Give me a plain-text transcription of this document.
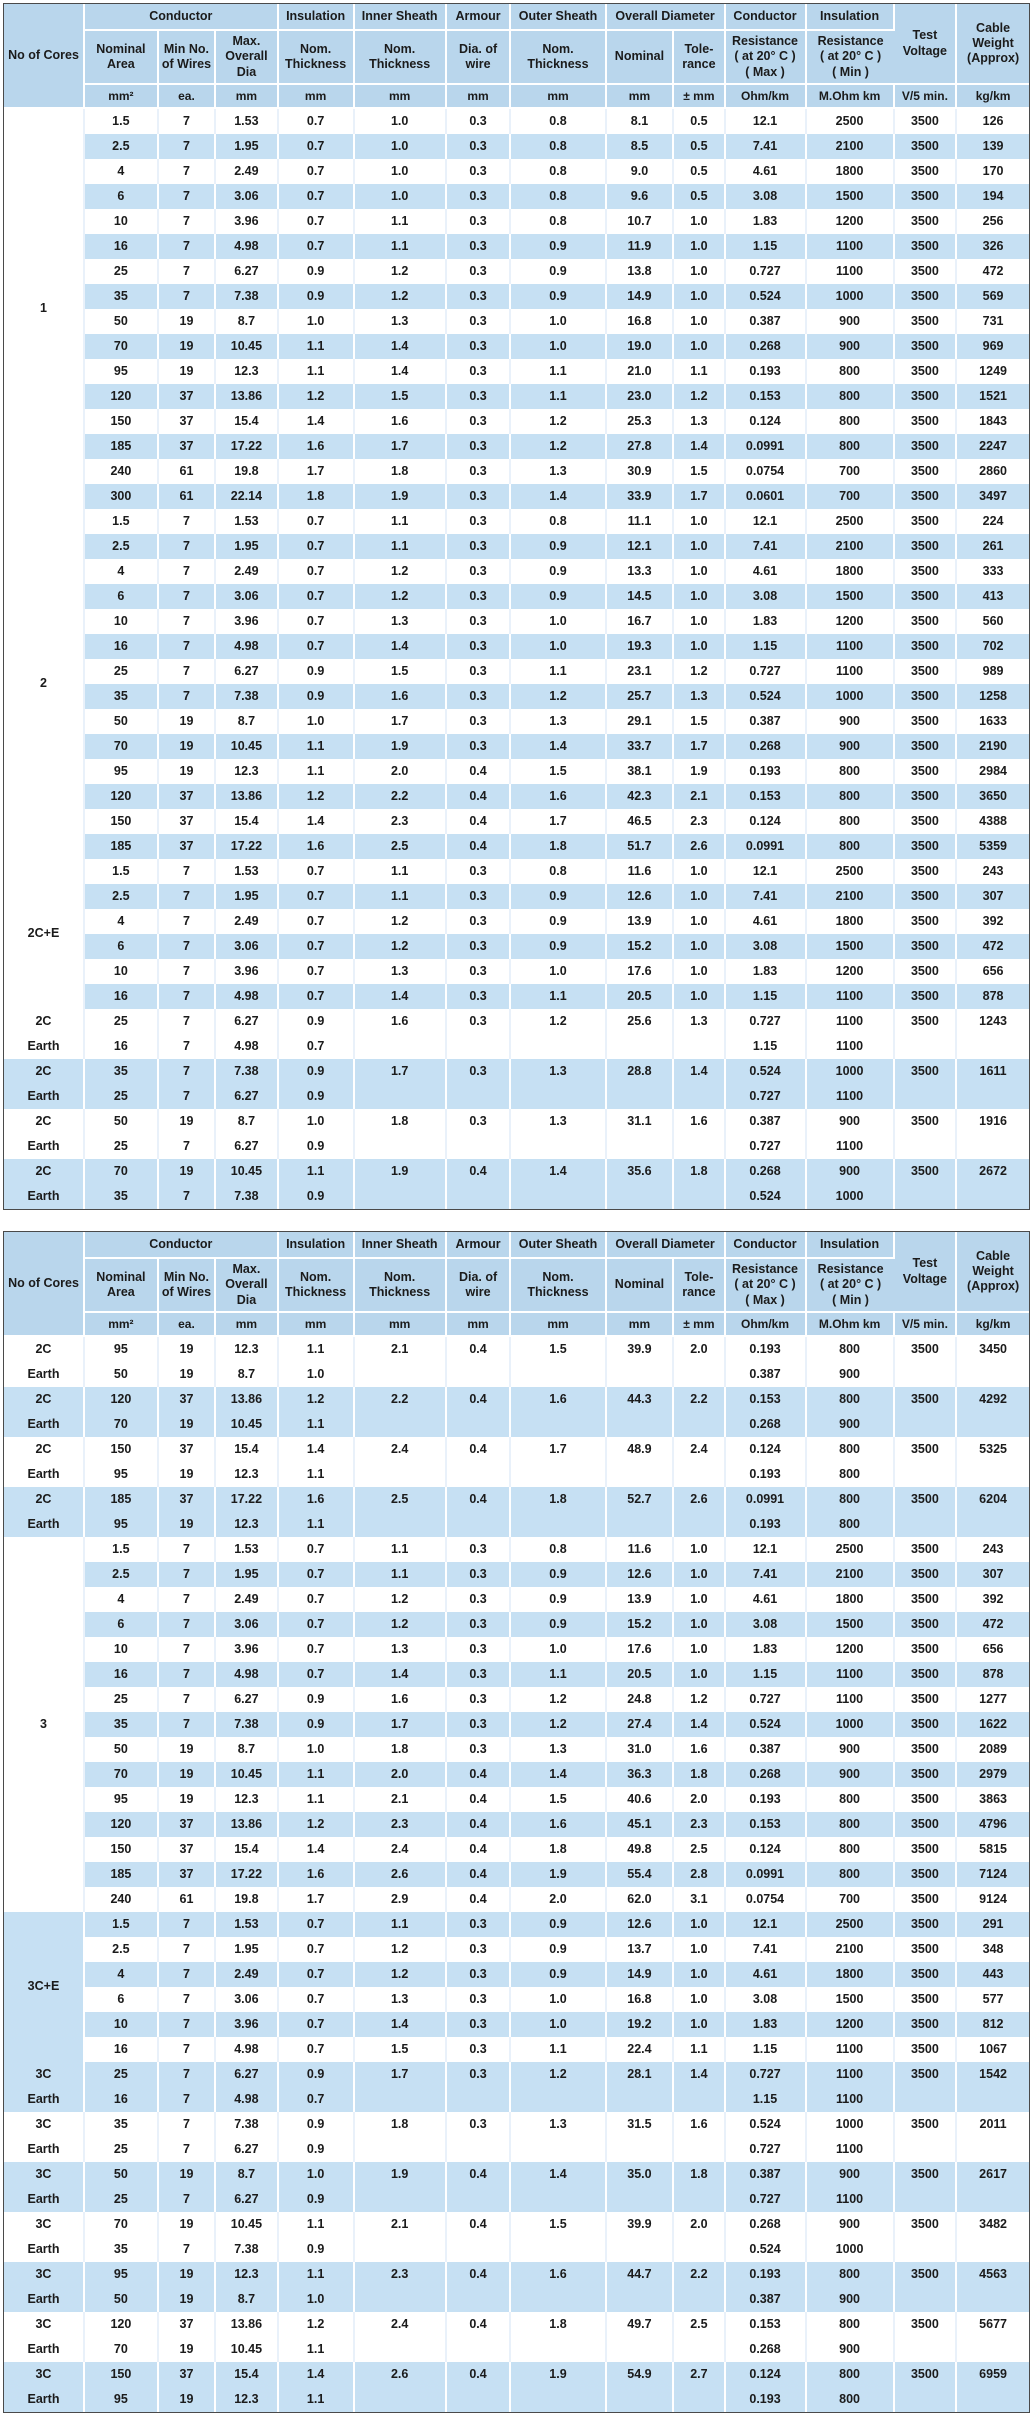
No of Cores	Conductor			Insulation	Inner Sheath	Armour	Outer Sheath	Overall Diameter		Conductor	Insulation	Test Voltage	Cable Weight (Approx)
	Nominal Area	Min No. of Wires	Max. Overall Dia	Nom. Thickness	Nom. Thickness	Dia. of wire	Nom. Thickness	Nominal	Tole-rance	Resistance ( at 20° C ) ( Max )	Resistance ( at 20° C ) ( Min )		
	mm²	ea.	mm	mm	mm	mm	mm	mm	± mm	Ohm/km	M.Ohm km	V/5 min.	kg/km
1	1.5	7	1.53	0.7	1.0	0.3	0.8	8.1	0.5	12.1	2500	3500	126
	2.5	7	1.95	0.7	1.0	0.3	0.8	8.5	0.5	7.41	2100	3500	139
	4	7	2.49	0.7	1.0	0.3	0.8	9.0	0.5	4.61	1800	3500	170
	6	7	3.06	0.7	1.0	0.3	0.8	9.6	0.5	3.08	1500	3500	194
	10	7	3.96	0.7	1.1	0.3	0.8	10.7	1.0	1.83	1200	3500	256
	16	7	4.98	0.7	1.1	0.3	0.9	11.9	1.0	1.15	1100	3500	326
	25	7	6.27	0.9	1.2	0.3	0.9	13.8	1.0	0.727	1100	3500	472
	35	7	7.38	0.9	1.2	0.3	0.9	14.9	1.0	0.524	1000	3500	569
	50	19	8.7	1.0	1.3	0.3	1.0	16.8	1.0	0.387	900	3500	731
	70	19	10.45	1.1	1.4	0.3	1.0	19.0	1.0	0.268	900	3500	969
	95	19	12.3	1.1	1.4	0.3	1.1	21.0	1.1	0.193	800	3500	1249
	120	37	13.86	1.2	1.5	0.3	1.1	23.0	1.2	0.153	800	3500	1521
	150	37	15.4	1.4	1.6	0.3	1.2	25.3	1.3	0.124	800	3500	1843
	185	37	17.22	1.6	1.7	0.3	1.2	27.8	1.4	0.0991	800	3500	2247
	240	61	19.8	1.7	1.8	0.3	1.3	30.9	1.5	0.0754	700	3500	2860
	300	61	22.14	1.8	1.9	0.3	1.4	33.9	1.7	0.0601	700	3500	3497
2	1.5	7	1.53	0.7	1.1	0.3	0.8	11.1	1.0	12.1	2500	3500	224
	2.5	7	1.95	0.7	1.1	0.3	0.9	12.1	1.0	7.41	2100	3500	261
	4	7	2.49	0.7	1.2	0.3	0.9	13.3	1.0	4.61	1800	3500	333
	6	7	3.06	0.7	1.2	0.3	0.9	14.5	1.0	3.08	1500	3500	413
	10	7	3.96	0.7	1.3	0.3	1.0	16.7	1.0	1.83	1200	3500	560
	16	7	4.98	0.7	1.4	0.3	1.0	19.3	1.0	1.15	1100	3500	702
	25	7	6.27	0.9	1.5	0.3	1.1	23.1	1.2	0.727	1100	3500	989
	35	7	7.38	0.9	1.6	0.3	1.2	25.7	1.3	0.524	1000	3500	1258
	50	19	8.7	1.0	1.7	0.3	1.3	29.1	1.5	0.387	900	3500	1633
	70	19	10.45	1.1	1.9	0.3	1.4	33.7	1.7	0.268	900	3500	2190
	95	19	12.3	1.1	2.0	0.4	1.5	38.1	1.9	0.193	800	3500	2984
	120	37	13.86	1.2	2.2	0.4	1.6	42.3	2.1	0.153	800	3500	3650
	150	37	15.4	1.4	2.3	0.4	1.7	46.5	2.3	0.124	800	3500	4388
	185	37	17.22	1.6	2.5	0.4	1.8	51.7	2.6	0.0991	800	3500	5359
2C+E	1.5	7	1.53	0.7	1.1	0.3	0.8	11.6	1.0	12.1	2500	3500	243
	2.5	7	1.95	0.7	1.1	0.3	0.9	12.6	1.0	7.41	2100	3500	307
	4	7	2.49	0.7	1.2	0.3	0.9	13.9	1.0	4.61	1800	3500	392
	6	7	3.06	0.7	1.2	0.3	0.9	15.2	1.0	3.08	1500	3500	472
	10	7	3.96	0.7	1.3	0.3	1.0	17.6	1.0	1.83	1200	3500	656
	16	7	4.98	0.7	1.4	0.3	1.1	20.5	1.0	1.15	1100	3500	878
2C	25	7	6.27	0.9	1.6	0.3	1.2	25.6	1.3	0.727	1100	3500	1243
Earth	16	7	4.98	0.7						1.15	1100		
2C	35	7	7.38	0.9	1.7	0.3	1.3	28.8	1.4	0.524	1000	3500	1611
Earth	25	7	6.27	0.9						0.727	1100		
2C	50	19	8.7	1.0	1.8	0.3	1.3	31.1	1.6	0.387	900	3500	1916
Earth	25	7	6.27	0.9						0.727	1100		
2C	70	19	10.45	1.1	1.9	0.4	1.4	35.6	1.8	0.268	900	3500	2672
Earth	35	7	7.38	0.9						0.524	1000		
No of Cores	Conductor			Insulation	Inner Sheath	Armour	Outer Sheath	Overall Diameter		Conductor	Insulation	Test Voltage	Cable Weight (Approx)
	Nominal Area	Min No. of Wires	Max. Overall Dia	Nom. Thickness	Nom. Thickness	Dia. of wire	Nom. Thickness	Nominal	Tole-rance	Resistance ( at 20° C ) ( Max )	Resistance ( at 20° C ) ( Min )		
	mm²	ea.	mm	mm	mm	mm	mm	mm	± mm	Ohm/km	M.Ohm km	V/5 min.	kg/km
2C	95	19	12.3	1.1	2.1	0.4	1.5	39.9	2.0	0.193	800	3500	3450
Earth	50	19	8.7	1.0						0.387	900		
2C	120	37	13.86	1.2	2.2	0.4	1.6	44.3	2.2	0.153	800	3500	4292
Earth	70	19	10.45	1.1						0.268	900		
2C	150	37	15.4	1.4	2.4	0.4	1.7	48.9	2.4	0.124	800	3500	5325
Earth	95	19	12.3	1.1						0.193	800		
2C	185	37	17.22	1.6	2.5	0.4	1.8	52.7	2.6	0.0991	800	3500	6204
Earth	95	19	12.3	1.1						0.193	800		
3	1.5	7	1.53	0.7	1.1	0.3	0.8	11.6	1.0	12.1	2500	3500	243
	2.5	7	1.95	0.7	1.1	0.3	0.9	12.6	1.0	7.41	2100	3500	307
	4	7	2.49	0.7	1.2	0.3	0.9	13.9	1.0	4.61	1800	3500	392
	6	7	3.06	0.7	1.2	0.3	0.9	15.2	1.0	3.08	1500	3500	472
	10	7	3.96	0.7	1.3	0.3	1.0	17.6	1.0	1.83	1200	3500	656
	16	7	4.98	0.7	1.4	0.3	1.1	20.5	1.0	1.15	1100	3500	878
	25	7	6.27	0.9	1.6	0.3	1.2	24.8	1.2	0.727	1100	3500	1277
	35	7	7.38	0.9	1.7	0.3	1.2	27.4	1.4	0.524	1000	3500	1622
	50	19	8.7	1.0	1.8	0.3	1.3	31.0	1.6	0.387	900	3500	2089
	70	19	10.45	1.1	2.0	0.4	1.4	36.3	1.8	0.268	900	3500	2979
	95	19	12.3	1.1	2.1	0.4	1.5	40.6	2.0	0.193	800	3500	3863
	120	37	13.86	1.2	2.3	0.4	1.6	45.1	2.3	0.153	800	3500	4796
	150	37	15.4	1.4	2.4	0.4	1.8	49.8	2.5	0.124	800	3500	5815
	185	37	17.22	1.6	2.6	0.4	1.9	55.4	2.8	0.0991	800	3500	7124
	240	61	19.8	1.7	2.9	0.4	2.0	62.0	3.1	0.0754	700	3500	9124
3C+E	1.5	7	1.53	0.7	1.1	0.3	0.9	12.6	1.0	12.1	2500	3500	291
	2.5	7	1.95	0.7	1.2	0.3	0.9	13.7	1.0	7.41	2100	3500	348
	4	7	2.49	0.7	1.2	0.3	0.9	14.9	1.0	4.61	1800	3500	443
	6	7	3.06	0.7	1.3	0.3	1.0	16.8	1.0	3.08	1500	3500	577
	10	7	3.96	0.7	1.4	0.3	1.0	19.2	1.0	1.83	1200	3500	812
	16	7	4.98	0.7	1.5	0.3	1.1	22.4	1.1	1.15	1100	3500	1067
3C	25	7	6.27	0.9	1.7	0.3	1.2	28.1	1.4	0.727	1100	3500	1542
Earth	16	7	4.98	0.7						1.15	1100		
3C	35	7	7.38	0.9	1.8	0.3	1.3	31.5	1.6	0.524	1000	3500	2011
Earth	25	7	6.27	0.9						0.727	1100		
3C	50	19	8.7	1.0	1.9	0.4	1.4	35.0	1.8	0.387	900	3500	2617
Earth	25	7	6.27	0.9						0.727	1100		
3C	70	19	10.45	1.1	2.1	0.4	1.5	39.9	2.0	0.268	900	3500	3482
Earth	35	7	7.38	0.9						0.524	1000		
3C	95	19	12.3	1.1	2.3	0.4	1.6	44.7	2.2	0.193	800	3500	4563
Earth	50	19	8.7	1.0						0.387	900		
3C	120	37	13.86	1.2	2.4	0.4	1.8	49.7	2.5	0.153	800	3500	5677
Earth	70	19	10.45	1.1						0.268	900		
3C	150	37	15.4	1.4	2.6	0.4	1.9	54.9	2.7	0.124	800	3500	6959
Earth	95	19	12.3	1.1						0.193	800		
